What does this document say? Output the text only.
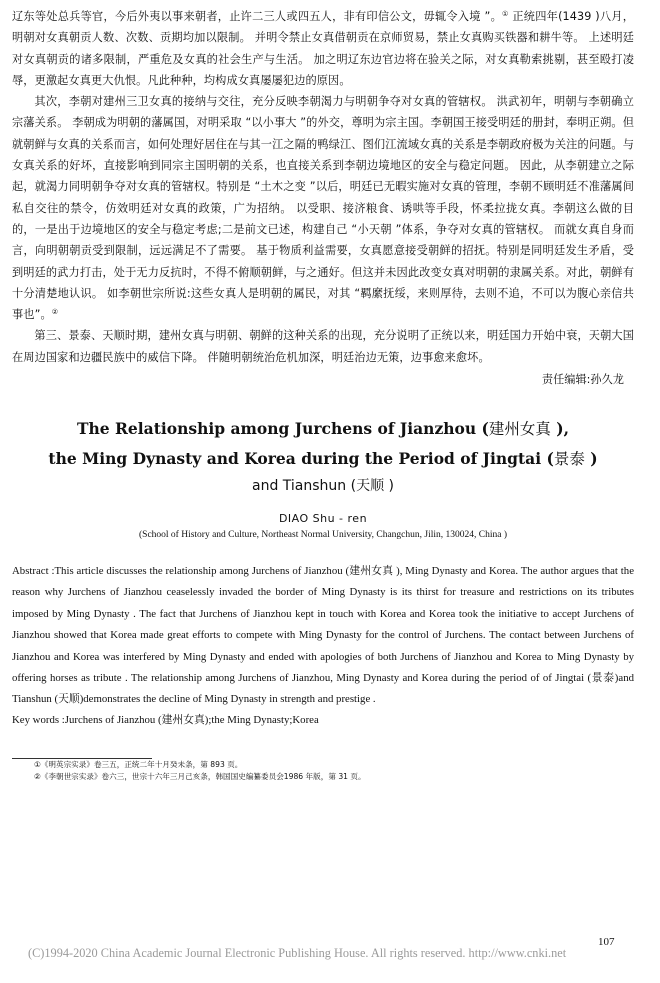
辽东等处总兵等官，今后外夷以事来朝者，止许二三人或四五人，非有印信公文，毋辄令入境 ”。① 正统四年(1439 )八月，明朝对女真朝贡人数、次数、贡期均加以限制。 并明令禁止女真借朝贡在京师贸易，禁止女真购买铁器和耕牛等。 上述明廷对女真朝贡的诸多限制，严重危及女真的社会生产与生活。 加之明辽东边官边将在验关之际，对女真勒索挑剔，甚至殴打凌辱，更激起女真更大仇恨。凡此种种，均构成女真屡屡犯边的原因。

其次，李朝对建州三卫女真的接纳与交往，充分反映李朝渴力与明朝争夺对女真的管辖权。 洪武初年，明朝与李朝确立宗藩关系。 李朝成为明朝的藩属国，对明采取 “以小事大 ”的外交，尊明为宗主国。李朝国王接受明廷的册封，奉明正朔。但就朝鲜与女真的关系而言，如何处理好居住在与其一江之隔的鸭绿江、图们江流域女真的关系是李朝政府极为关注的问题。与女真关系的好坏，直接影响到同宗主国明朝的关系，也直接关系到李朝边境地区的安全与稳定问题。 因此，从李朝建立之际起，就渴力同明朝争夺对女真的管辖权。特别是 “土木之变 ”以后，明廷已无暇实施对女真的管理，李朝不顾明廷不准藩属间私自交往的禁令，仿效明廷对女真的政策，广为招纳。 以受职、接济粮食、诱哄等手段，怀柔拉拢女真。李朝这么做的目的，一是出于边境地区的安全与稳定考虑;二是前文已述，构建自己 “小天朝 ”体系，争夺对女真的管辖权。 而就女真自身而言，向明朝朝贡受到限制，远远满足不了需要。 基于物质利益需要，女真愿意接受朝鲜的招抚。特别是同明廷发生矛盾，受到明廷的武力打击，处于无力反抗时，不得不俯顺朝鲜，与之通好。但这并未因此改变女真对明朝的隶属关系。对此，朝鲜有十分清楚地认识。 如李朝世宗所说:这些女真人是明朝的属民，对其 “羁縻抚绥，来则厚待，去则不追，不可以为腹心亲信共事也”。②

第三、景泰、天顺时期，建州女真与明朝、朝鲜的这种关系的出现，充分说明了正统以来，明廷国力开始中衰，天朝大国在周边国家和边疆民族中的威信下降。 伴随明朝统治危机加深，明廷治边无策，边事愈来愈坏。

责任编辑:孙久龙
The Relationship among Jurchens of Jianzhou (建州女真 ),
the Ming Dynasty and Korea during the Period of Jingtai (景泰 )
and Tianshun (天顺 )
DIAO Shu - ren
(School of History and Culture, Northeast Normal University, Changchun, Jilin, 130024, China )

Abstract :This article discusses the relationship among Jurchens of Jianzhou (建州女真 ), Ming Dynasty and Korea. The author argues that the reason why Jurchens of Jianzhou ceaselessly invaded the border of Ming Dynasty is its thirst for treasure and restrictions on its tributes imposed by Ming Dynasty . The fact that Jurchens of Jianzhou kept in touch with Korea and Korea took the initiative to accept Jurchens of Jianzhou showed that Korea made great efforts to compete with Ming Dynasty for the control of Jurchens. The contact between Jurchens of Jianzhou and Korea was interfered by Ming Dynasty and ended with apologies of both Jurchens of Jianzhou and Korea to Ming Dynasty by offering horses as tribute . The relationship among Jurchens of Jianzhou, Ming Dynasty and Korea during the period of of Jingtai (景泰)and Tianshun (天顺)demonstrates the decline of Ming Dynasty in strength and prestige .

Key words :Jurchens of Jianzhou (建州女真);the Ming Dynasty;Korea

①《明英宗实录》卷三五，正统二年十月癸未条，第 893 页。

②《李朝世宗实录》卷六三，世宗十六年三月己亥条，韩国国史编纂委员会1986 年版，第 31 页。

107
(C)1994-2020 China Academic Journal Electronic Publishing House. All rights reserved. http://www.cnki.net
